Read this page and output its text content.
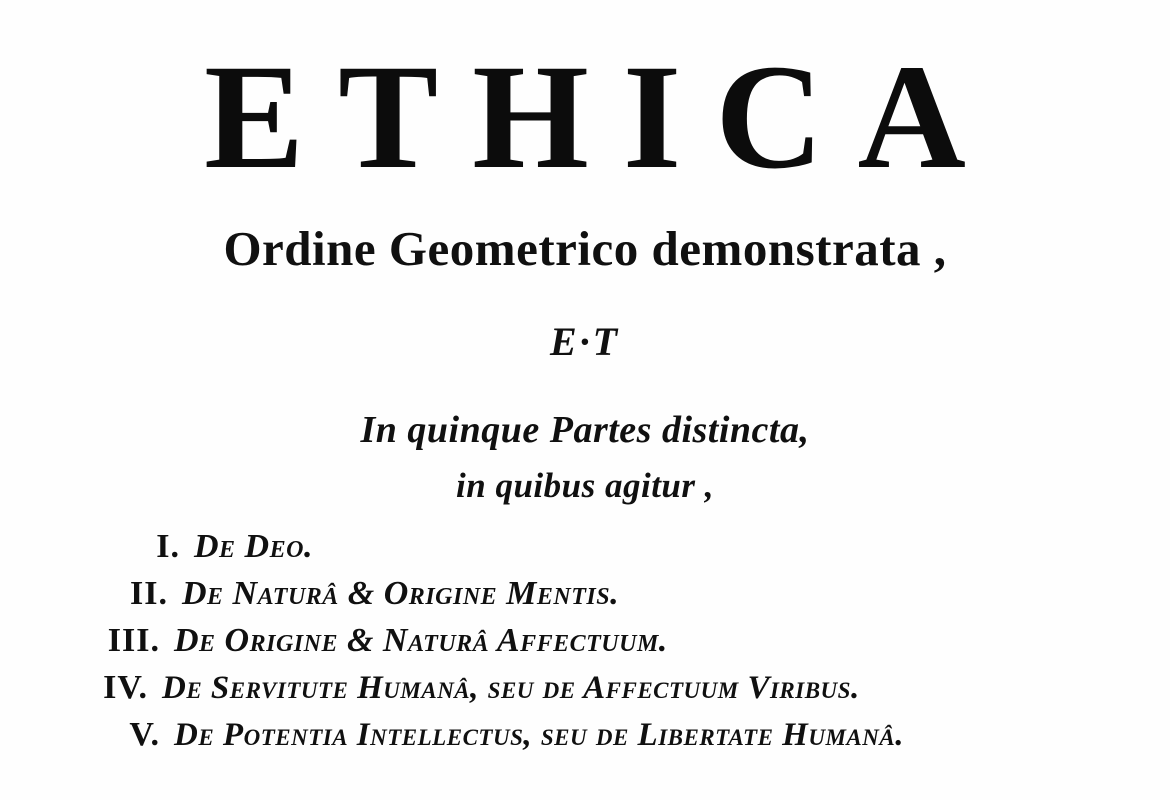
ETHICA
Ordine Geometrico demonstrata ,
E·T
In quinque Partes distincta,
in quibus agitur ,
I. De Deo.
II. De Naturâ & Origine Mentis.
III. De Origine & Naturâ Affectuum.
IV. De Servitute Humanâ, seu de Affectuum Viribus.
V. De Potentia Intellectus, seu de Libertate Humanâ.
